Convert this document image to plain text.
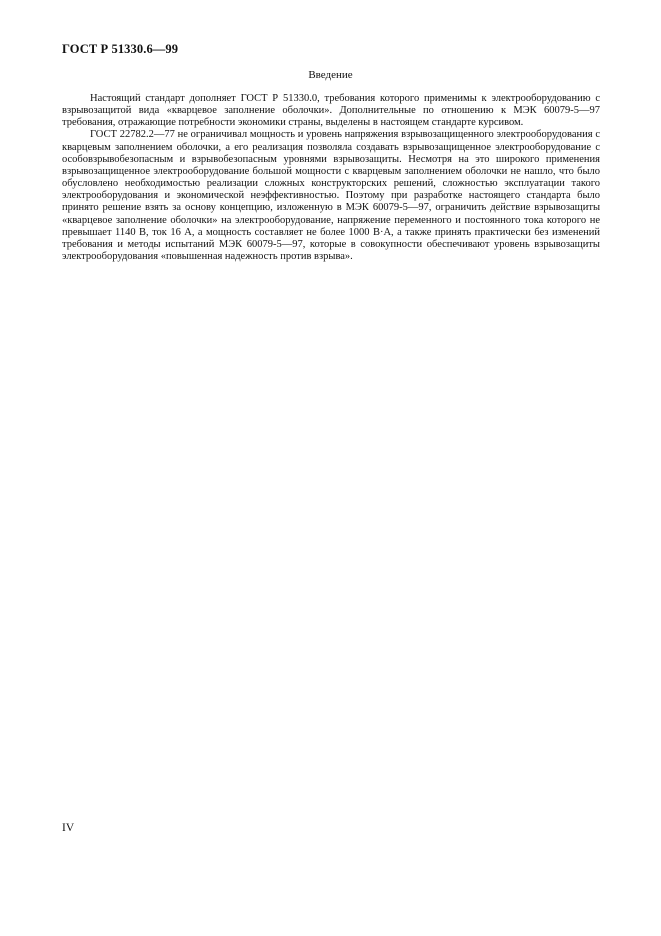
ГОСТ Р 51330.6—99
Введение

Настоящий стандарт дополняет ГОСТ Р 51330.0, требования которого применимы к электрооборудованию с взрывозащитой вида «кварцевое заполнение оболочки». Дополнительные по отношению к МЭК 60079-5—97 требования, отражающие потребности экономики страны, выделены в настоящем стандарте курсивом.

ГОСТ 22782.2—77 не ограничивал мощность и уровень напряжения взрывозащищенного электрооборудования с кварцевым заполнением оболочки, а его реализация позволяла создавать взрывозащищенное электрооборудование с особовзрывобезопасным и взрывобезопасным уровнями взрывозащиты. Несмотря на это широкого применения взрывозащищенное электрооборудование большой мощности с кварцевым заполнением оболочки не нашло, что было обусловлено необходимостью реализации сложных конструкторских решений, сложностью эксплуатации такого электрооборудования и экономической неэффективностью. Поэтому при разработке настоящего стандарта было принято решение взять за основу концепцию, изложенную в МЭК 60079-5—97, ограничить действие взрывозащиты «кварцевое заполнение оболочки» на электрооборудование, напряжение переменного и постоянного тока которого не превышает 1140 В, ток 16 А, а мощность составляет не более 1000 В·А, а также принять практически без изменений требования и методы испытаний МЭК 60079-5—97, которые в совокупности обеспечивают уровень взрывозащиты электрооборудования «повышенная надежность против взрыва».

IV
